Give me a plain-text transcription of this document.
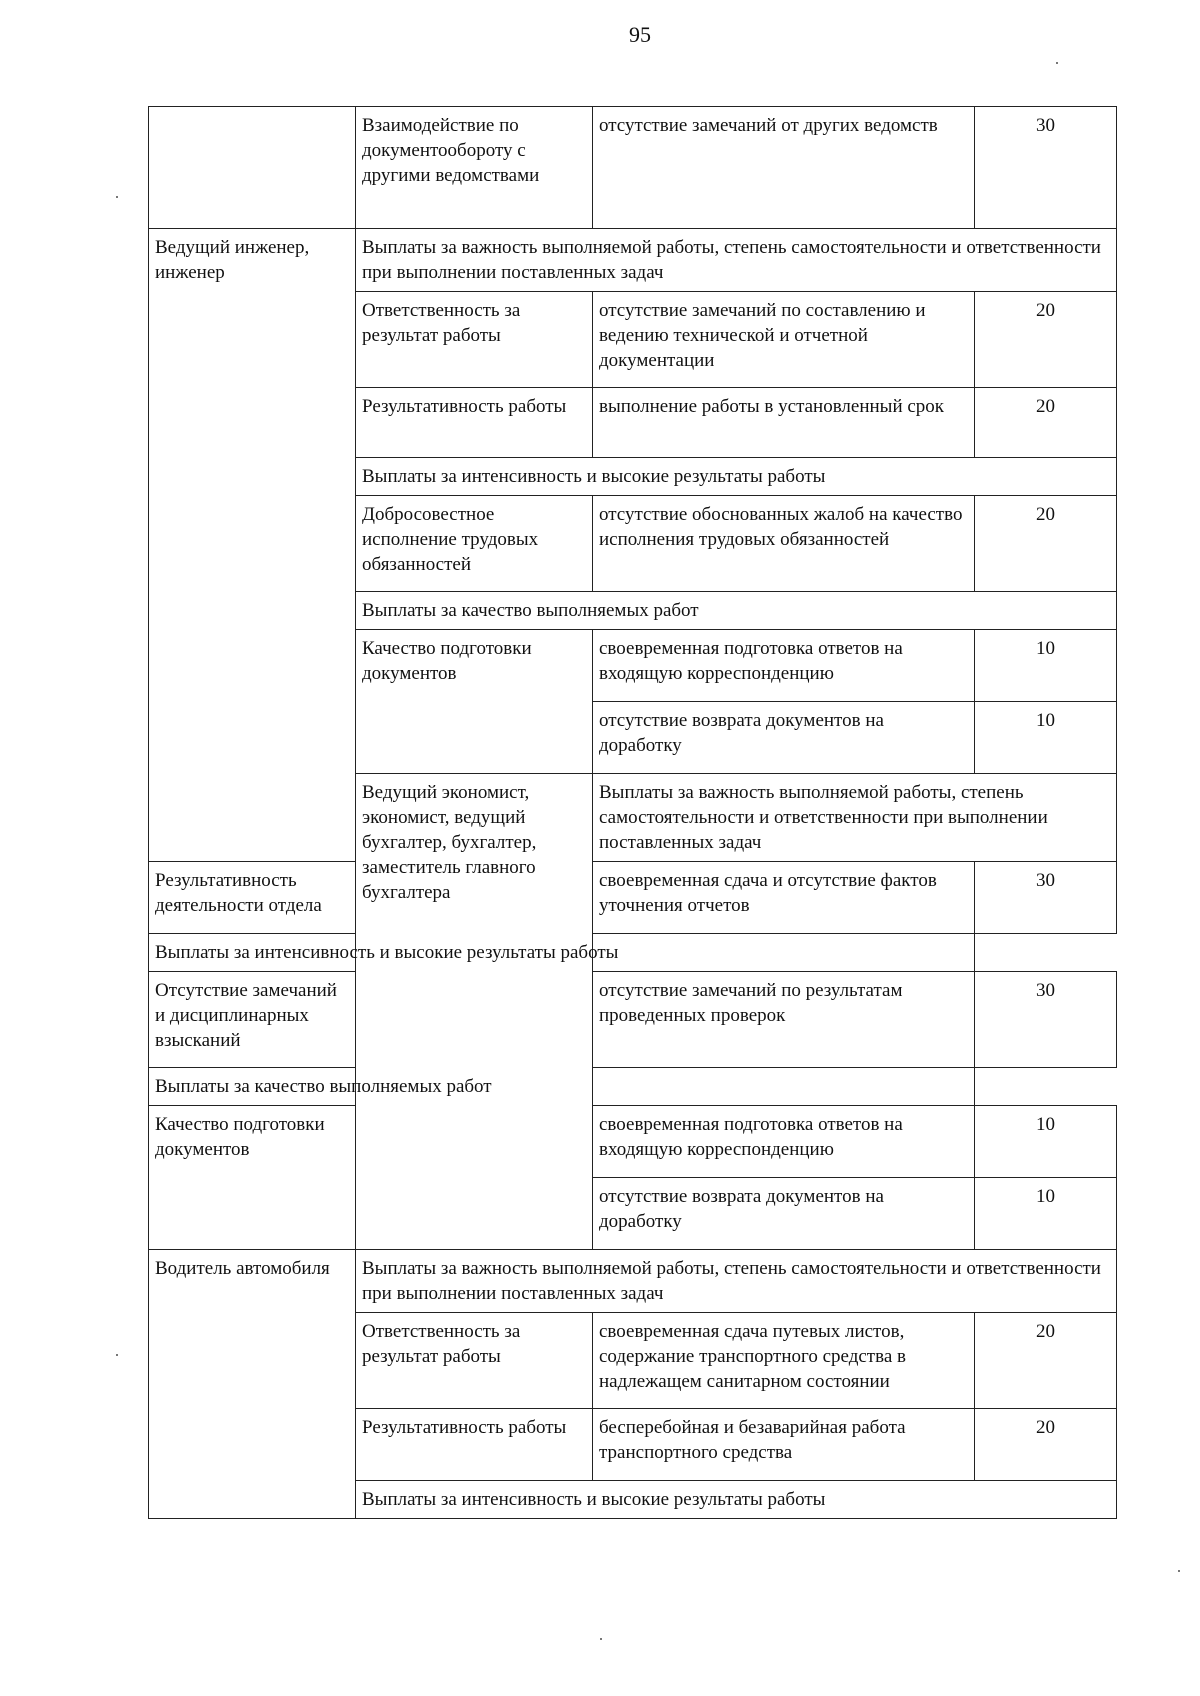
95
	Взаимодействие по документообороту с другими ведомствами	отсутствие замечаний от других ведомств	30
Ведущий инженер, инженер	Выплаты за важность выполняемой работы, степень самостоятельности и ответственности при выполнении поставленных задач		
	Ответственность за результат работы	отсутствие замечаний по составлению и ведению технической и отчетной документации	20
	Результативность работы	выполнение работы в установленный срок	20
	Выплаты за интенсивность и высокие результаты работы		
	Добросовестное исполнение трудовых обязанностей	отсутствие обоснованных жалоб на качество исполнения трудовых обязанностей	20
	Выплаты за качество выполняемых работ		
	Качество подготовки документов	своевременная подготовка ответов на входящую корреспонденцию	10
		отсутствие возврата документов на доработку	10
	Ведущий экономист, экономист, ведущий бухгалтер, бухгалтер, заместитель главного бухгалтера	Выплаты за важность выполняемой работы, степень самостоятельности и ответственности при выполнении поставленных задач	
Результативность деятельности отдела		своевременная сдача и отсутствие фактов уточнения отчетов	30
Выплаты за интенсивность и высокие результаты работы			
Отсутствие замечаний и дисциплинарных взысканий		отсутствие замечаний по результатам проведенных проверок	30
Выплаты за качество выполняемых работ			
Качество подготовки документов		своевременная подготовка ответов на входящую корреспонденцию	10
		отсутствие возврата документов на доработку	10
Водитель автомобиля	Выплаты за важность выполняемой работы, степень самостоятельности и ответственности при выполнении поставленных задач		
	Ответственность за результат работы	своевременная сдача путевых листов, содержание транспортного средства в надлежащем санитарном состоянии	20
	Результативность работы	бесперебойная и безаварийная работа транспортного средства	20
	Выплаты за интенсивность и высокие результаты работы		
